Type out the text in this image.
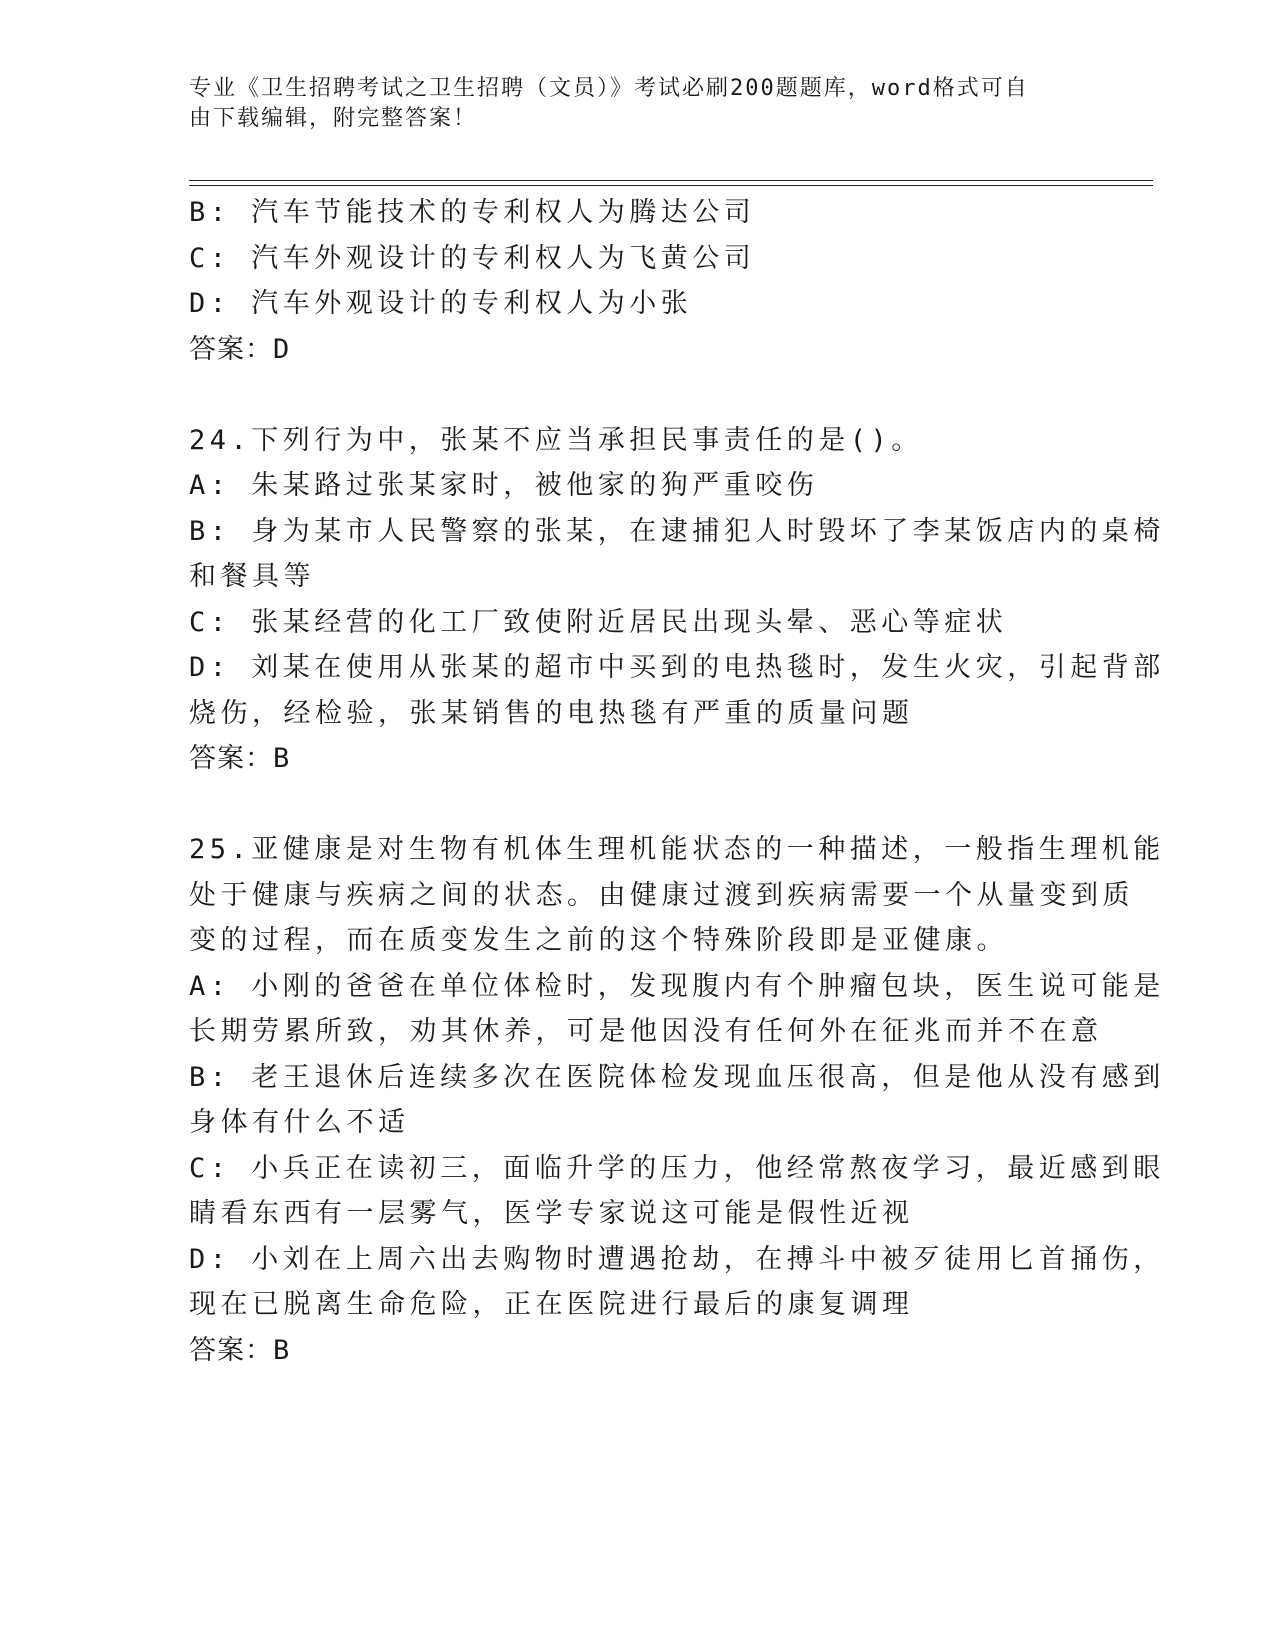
专业《卫生招聘考试之卫生招聘（文员）》考试必刷200题题库，word格式可自

由下载编辑，附完整答案！

B: 汽车节能技术的专利权人为腾达公司

C: 汽车外观设计的专利权人为飞黄公司

D: 汽车外观设计的专利权人为小张

答案：D

24.下列行为中，张某不应当承担民事责任的是()。

A: 朱某路过张某家时，被他家的狗严重咬伤

B: 身为某市人民警察的张某，在逮捕犯人时毁坏了李某饭店内的桌椅

和餐具等

C: 张某经营的化工厂致使附近居民出现头晕、恶心等症状

D: 刘某在使用从张某的超市中买到的电热毯时，发生火灾，引起背部

烧伤，经检验，张某销售的电热毯有严重的质量问题

答案：B

25.亚健康是对生物有机体生理机能状态的一种描述，一般指生理机能

处于健康与疾病之间的状态。由健康过渡到疾病需要一个从量变到质

变的过程，而在质变发生之前的这个特殊阶段即是亚健康。

A: 小刚的爸爸在单位体检时，发现腹内有个肿瘤包块，医生说可能是

长期劳累所致，劝其休养，可是他因没有任何外在征兆而并不在意

B: 老王退休后连续多次在医院体检发现血压很高，但是他从没有感到

身体有什么不适

C: 小兵正在读初三，面临升学的压力，他经常熬夜学习，最近感到眼

睛看东西有一层雾气，医学专家说这可能是假性近视

D: 小刘在上周六出去购物时遭遇抢劫，在搏斗中被歹徒用匕首捅伤，

现在已脱离生命危险，正在医院进行最后的康复调理

答案：B
